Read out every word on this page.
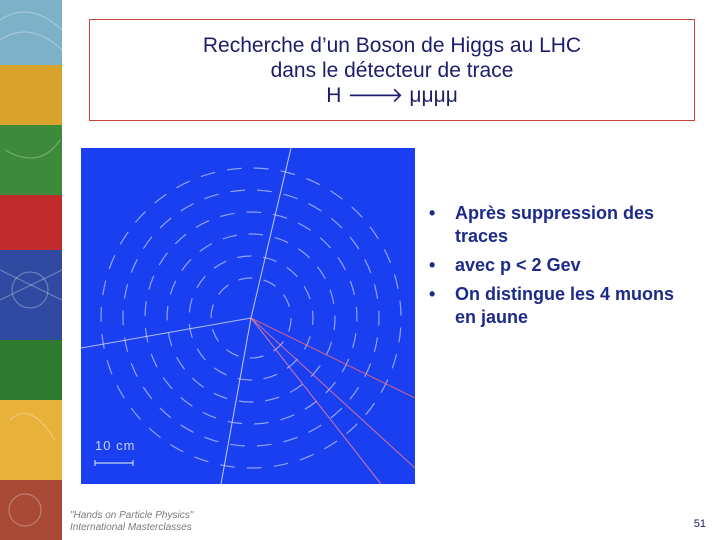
Recherche d’un Boson de Higgs au LHC
dans le détecteur de trace
H 🡒 μμμμ
10 cm
• Après suppression des traces
• avec p < 2 Gev
• On distingue les 4 muons en jaune
"Hands on Particle Physics"
International Masterclasses	51
